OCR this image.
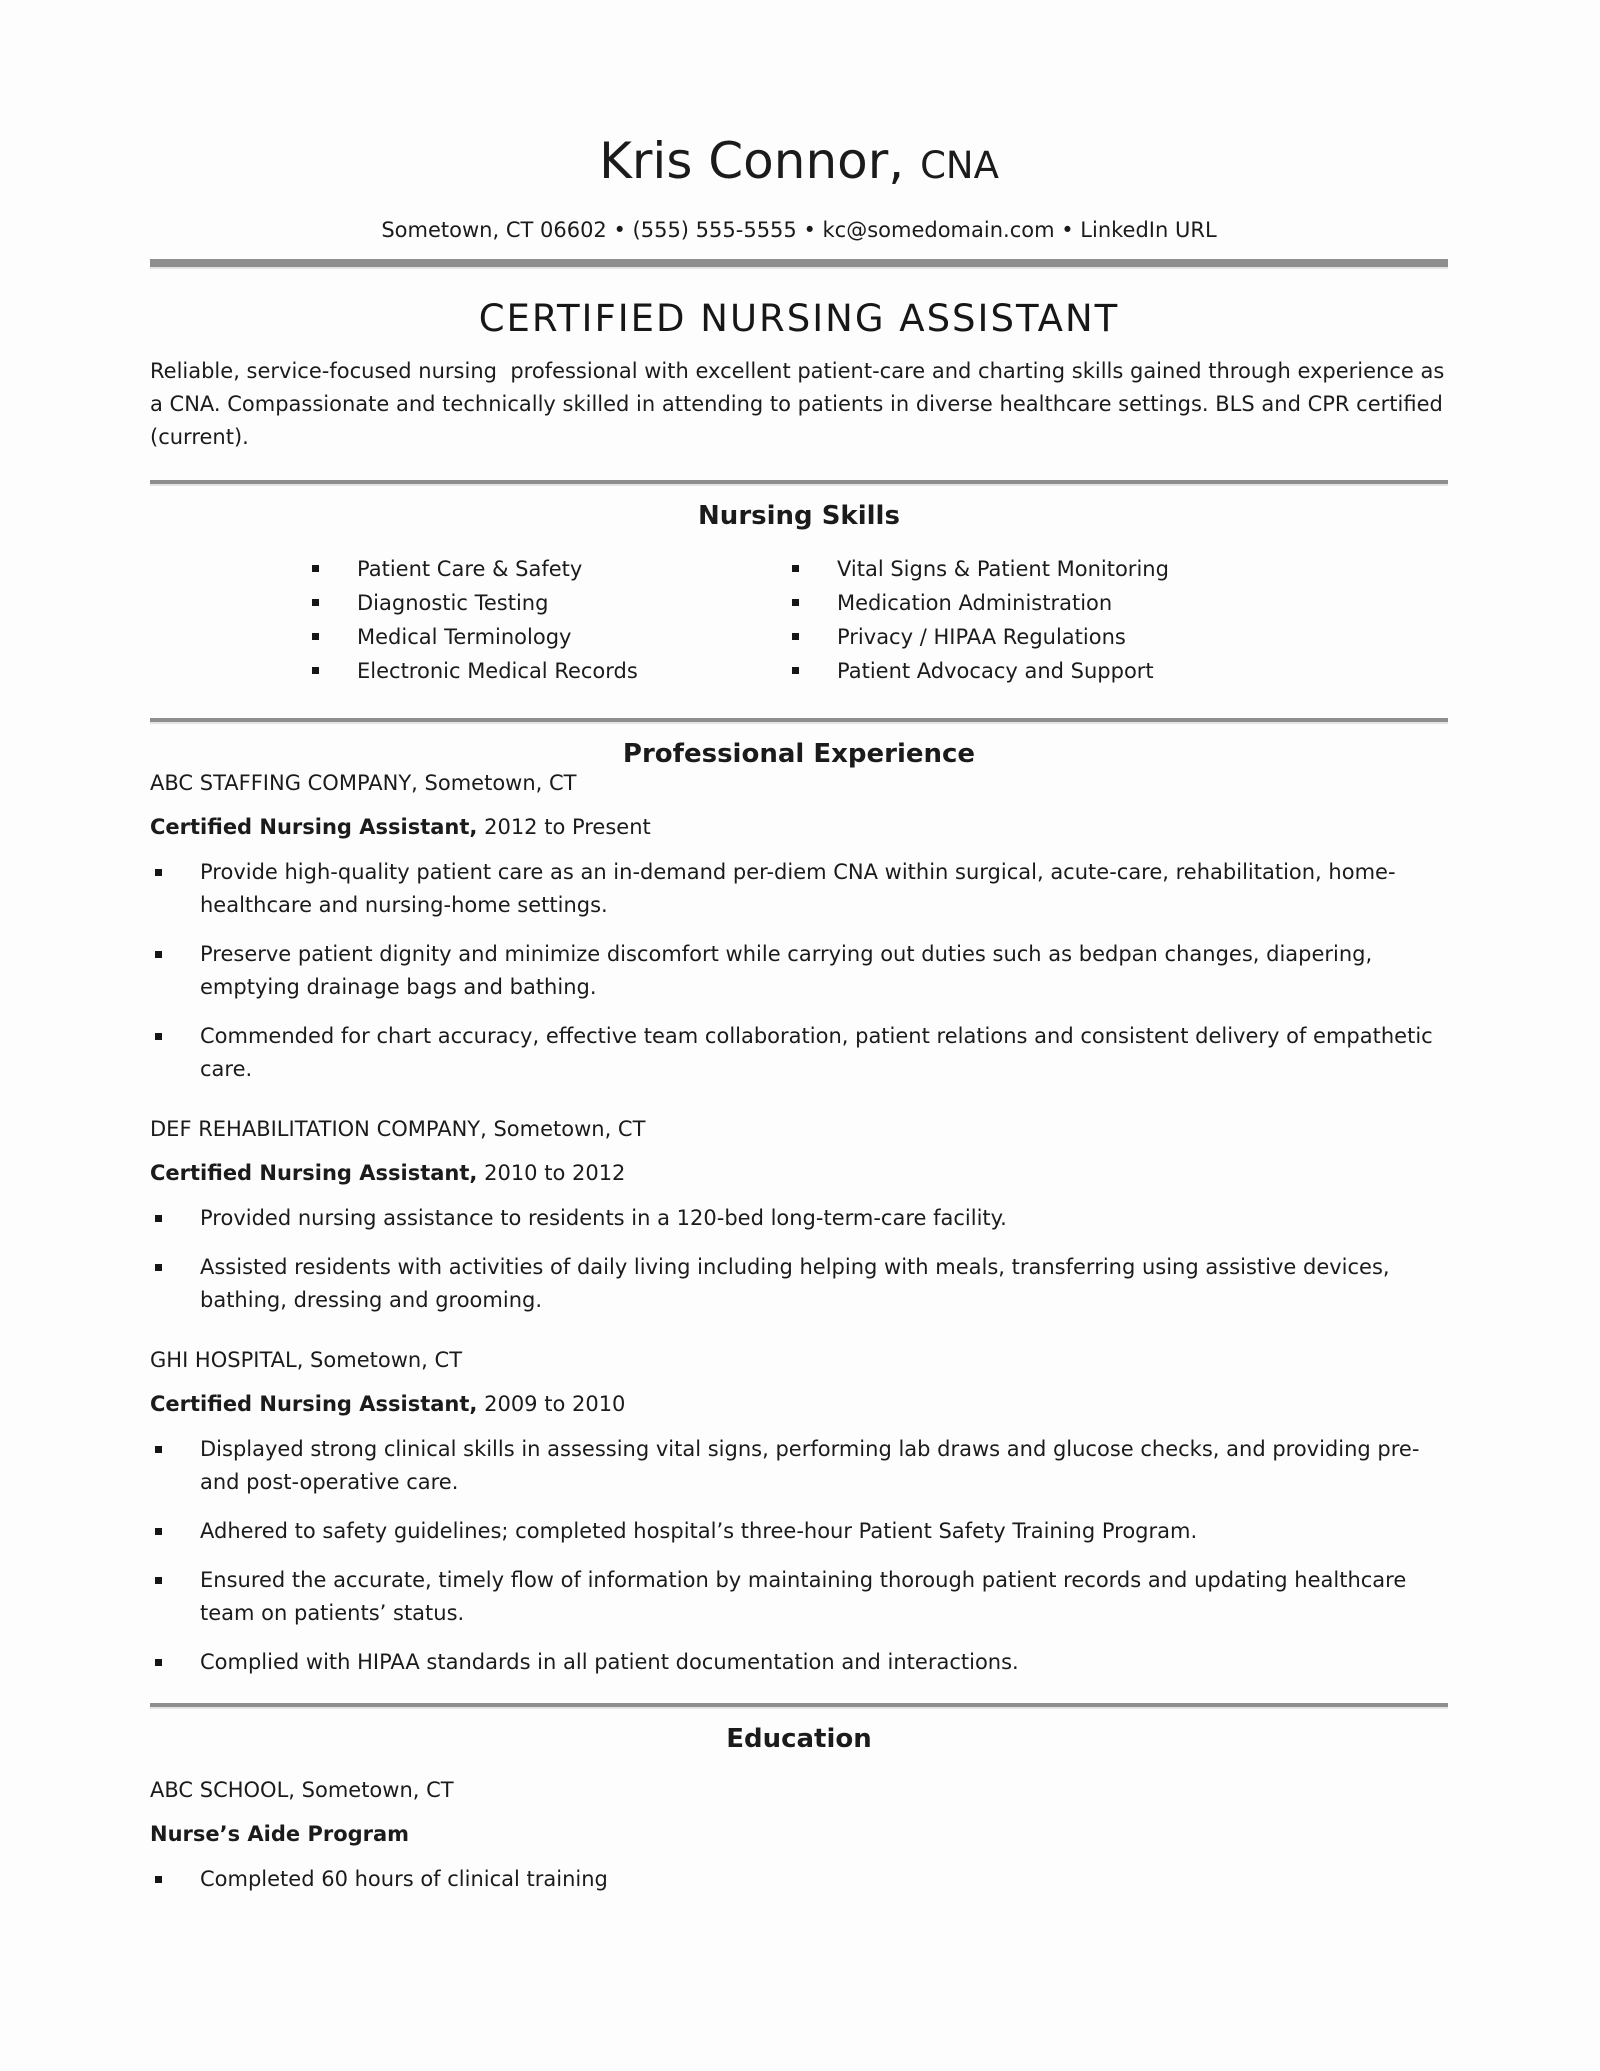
Kris Connor, CNA
Sometown, CT 06602 • (555) 555-5555 • kc@somedomain.com • LinkedIn URL
CERTIFIED NURSING ASSISTANT

Reliable, service-focused nursing  professional with excellent patient-care and charting skills gained through experience as a CNA. Compassionate and technically skilled in attending to patients in diverse healthcare settings. BLS and CPR certified (current).

Nursing Skills
Patient Care & Safety
Diagnostic Testing
Medical Terminology
Electronic Medical Records
Vital Signs & Patient Monitoring
Medication Administration
Privacy / HIPAA Regulations
Patient Advocacy and Support
Professional Experience
ABC STAFFING COMPANY, Sometown, CT
Certified Nursing Assistant, 2012 to Present
Provide high-quality patient care as an in-demand per-diem CNA within surgical, acute-care, rehabilitation, home-healthcare and nursing-home settings.
Preserve patient dignity and minimize discomfort while carrying out duties such as bedpan changes, diapering, emptying drainage bags and bathing.
Commended for chart accuracy, effective team collaboration, patient relations and consistent delivery of empathetic care.
DEF REHABILITATION COMPANY, Sometown, CT
Certified Nursing Assistant, 2010 to 2012
Provided nursing assistance to residents in a 120-bed long-term-care facility.
Assisted residents with activities of daily living including helping with meals, transferring using assistive devices, bathing, dressing and grooming.
GHI HOSPITAL, Sometown, CT
Certified Nursing Assistant, 2009 to 2010
Displayed strong clinical skills in assessing vital signs, performing lab draws and glucose checks, and providing pre- and post-operative care.
Adhered to safety guidelines; completed hospital’s three-hour Patient Safety Training Program.
Ensured the accurate, timely flow of information by maintaining thorough patient records and updating healthcare team on patients’ status.
Complied with HIPAA standards in all patient documentation and interactions.
Education
ABC SCHOOL, Sometown, CT
Nurse’s Aide Program
Completed 60 hours of clinical training
